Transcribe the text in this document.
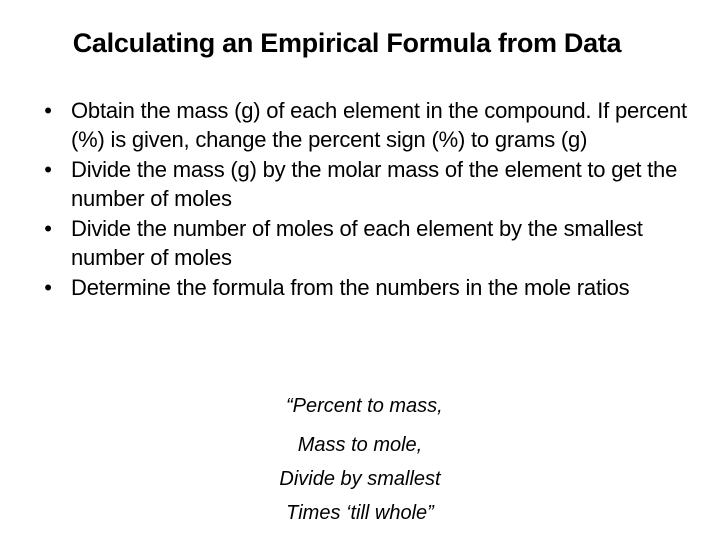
Calculating an Empirical Formula from Data
• Obtain the mass (g) of each element in the compound. If percent (%) is given, change the percent sign (%) to grams (g)
• Divide the mass (g) by the molar mass of the element to get the number of moles
• Divide the number of moles of each element by the smallest number of moles
• Determine the formula from the numbers in the mole ratios
“Percent to mass,
Mass to mole,
Divide by smallest
Times ‘till whole”
